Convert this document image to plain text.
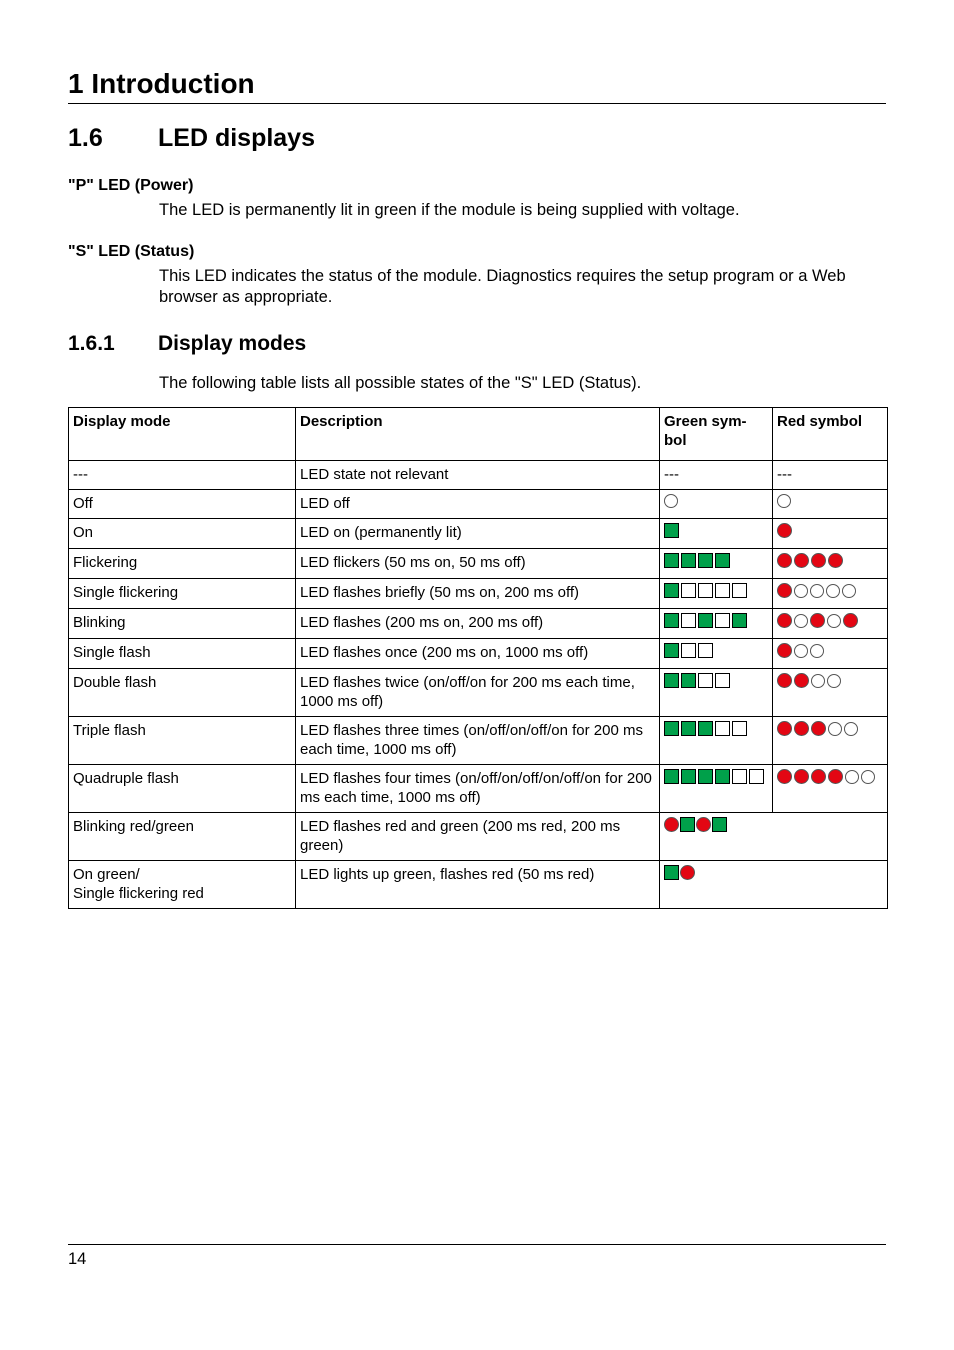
1 Introduction
1.6 LED displays
"P" LED (Power)

The LED is permanently lit in green if the module is being supplied with voltage.

"S" LED (Status)

This LED indicates the status of the module. Diagnostics requires the setup program or a Web browser as appropriate.

1.6.1 Display modes

The following table lists all possible states of the "S" LED (Status).

Display mode	Description	Green sym-
bol	Red symbol
---	LED state not relevant	---	---
Off	LED off	

On	LED on (permanently lit)	

Flickering	LED flickers (50 ms on, 50 ms off)	

Single flickering	LED flashes briefly (50 ms on, 200 ms off)	

Blinking	LED flashes (200 ms on, 200 ms off)	

Single flash	LED flashes once (200 ms on, 1000 ms off)	

Double flash	LED flashes twice (on/off/on for 200 ms each time, 1000 ms off)	

Triple flash	LED flashes three times (on/off/on/off/on for 200 ms each time, 1000 ms off)	

Quadruple flash	LED flashes four times (on/off/on/off/on/off/on for 200 ms each time, 1000 ms off)	

Blinking red/green	LED flashes red and green (200 ms red, 200 ms green)		

On green/
Single flickering red	LED lights up green, flashes red (50 ms red)		

14
